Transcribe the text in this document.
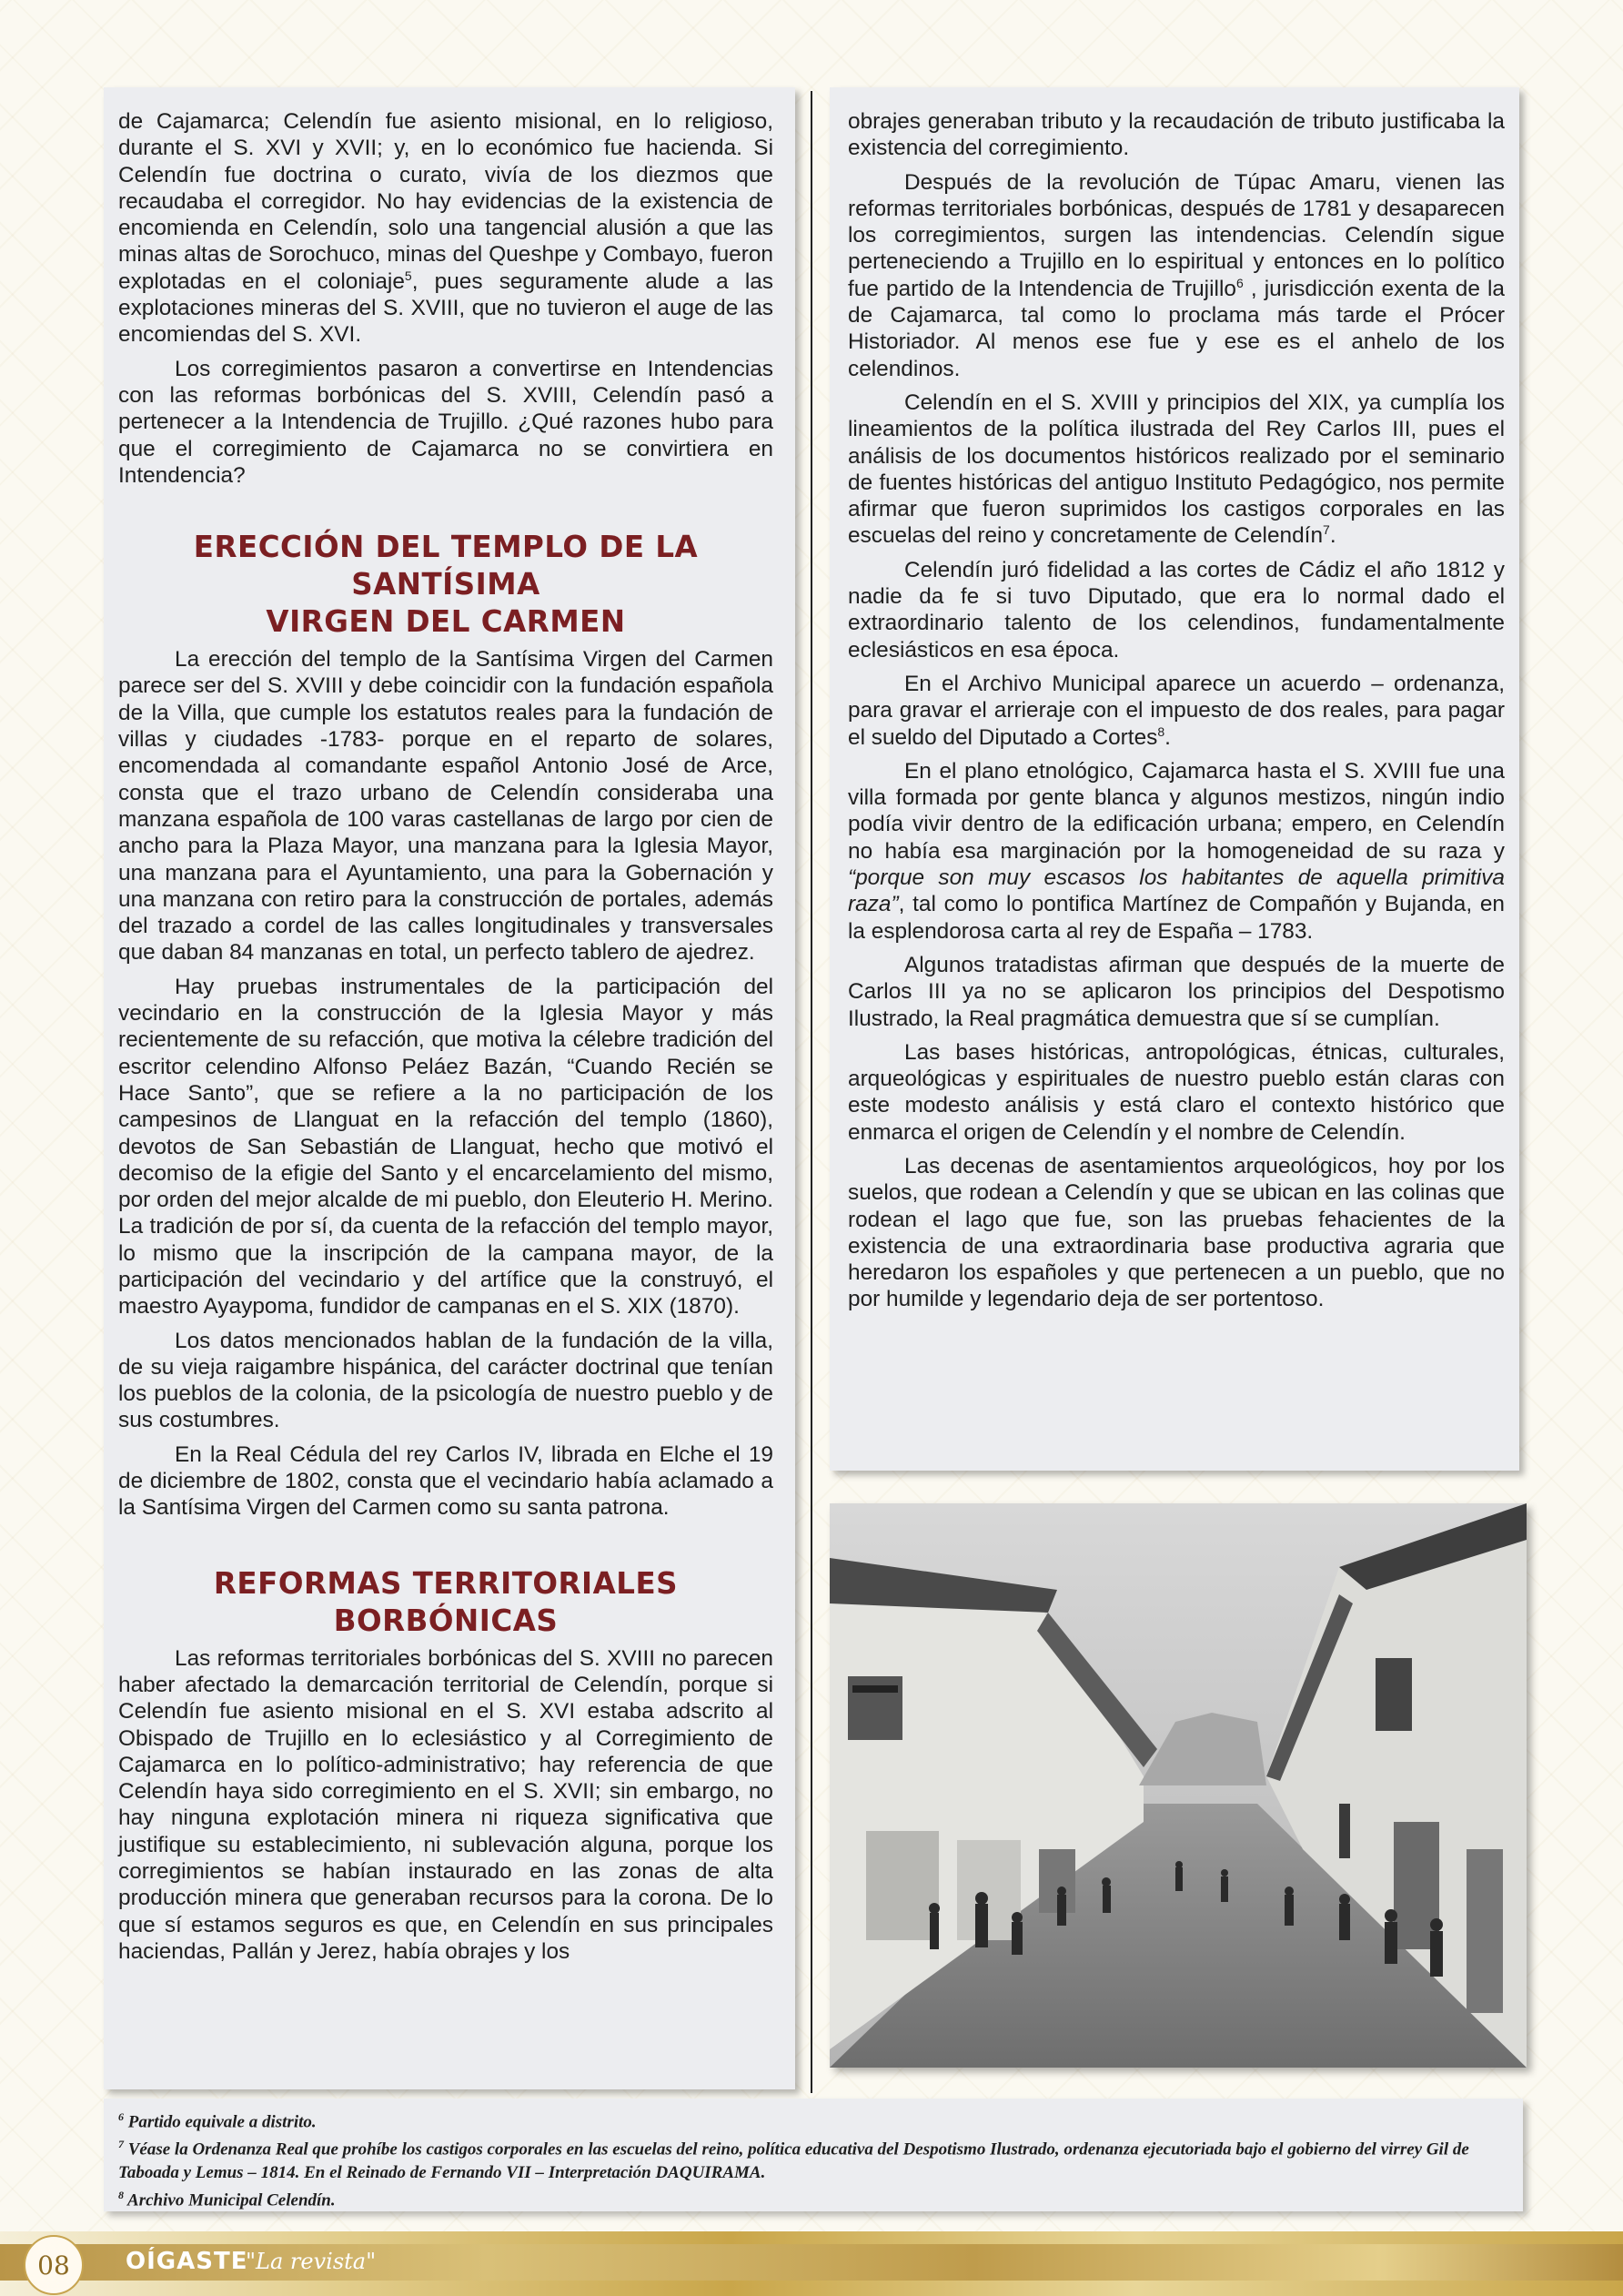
de Cajamarca; Celendín fue asiento misional, en lo religioso, durante el S. XVI y XVII; y, en lo económico fue hacienda. Si Celendín fue doctrina o curato, vivía de los diezmos que recaudaba el corregidor. No hay evidencias de la existencia de encomienda en Celendín, solo una tangencial alusión a que las minas altas de Sorochuco, minas del Queshpe y Combayo, fueron explotadas en el coloniaje$^5$, pues seguramente alude a las explotaciones mineras del S. XVIII, que no tuvieron el auge de las encomiendas del S. XVI.

Los corregimientos pasaron a convertirse en Intendencias con las reformas borbónicas del S. XVIII, Celendín pasó a pertenecer a la Intendencia de Trujillo. ¿Qué razones hubo para que el corregimiento de Cajamarca no se convirtiera en Intendencia?

ERECCIÓN DEL TEMPLO DE LA SANTÍSIMA
VIRGEN DEL CARMEN

La erección del templo de la Santísima Virgen del Carmen parece ser del S. XVIII y debe coincidir con la fundación española de la Villa, que cumple los estatutos reales para la fundación de villas y ciudades -1783- porque en el reparto de solares, encomendada al comandante español Antonio José de Arce, consta que el trazo urbano de Celendín consideraba una manzana española de 100 varas castellanas de largo por cien de ancho para la Plaza Mayor, una manzana para la Iglesia Mayor, una manzana para el Ayuntamiento, una para la Gobernación y una manzana con retiro para la construcción de portales, además del trazado a cordel de las calles longitudinales y transversales que daban 84 manzanas en total, un perfecto tablero de ajedrez.

Hay pruebas instrumentales de la participación del vecindario en la construcción de la Iglesia Mayor y más recientemente de su refacción, que motiva la célebre tradición del escritor celendino Alfonso Peláez Bazán, “Cuando Recién se Hace Santo”, que se refiere a la no participación de los campesinos de Llanguat en la refacción del templo (1860), devotos de San Sebastián de Llanguat, hecho que motivó el decomiso de la efigie del Santo y el encarcelamiento del mismo, por orden del mejor alcalde de mi pueblo, don Eleuterio H. Merino. La tradición de por sí, da cuenta de la refacción del templo mayor, lo mismo que la inscripción de la campana mayor, de la participación del vecindario y del artífice que la construyó, el maestro Ayaypoma, fundidor de campanas en el S. XIX (1870).

Los datos mencionados hablan de la fundación de la villa, de su vieja raigambre hispánica, del carácter doctrinal que tenían los pueblos de la colonia, de la psicología de nuestro pueblo y de sus costumbres.

En la Real Cédula del rey Carlos IV, librada en Elche el 19 de diciembre de 1802, consta que el vecindario había aclamado a la Santísima Virgen del Carmen como su santa patrona.

REFORMAS TERRITORIALES BORBÓNICAS

Las reformas territoriales borbónicas del S. XVIII no parecen haber afectado la demarcación territorial de Celendín, porque si Celendín fue asiento misional en el S. XVI estaba adscrito al Obispado de Trujillo en lo eclesiástico y al Corregimiento de Cajamarca en lo político-administrativo; hay referencia de que Celendín haya sido corregimiento en el S. XVII; sin embargo, no hay ninguna explotación minera ni riqueza significativa que justifique su establecimiento, ni sublevación alguna, porque los corregimientos se habían instaurado en las zonas de alta producción minera que generaban recursos para la corona. De lo que sí estamos seguros es que, en Celendín en sus principales haciendas, Pallán y Jerez, había obrajes y los

obrajes generaban tributo y la recaudación de tributo justificaba la existencia del corregimiento.

Después de la revolución de Túpac Amaru, vienen las reformas territoriales borbónicas, después de 1781 y desaparecen los corregimientos, surgen las intendencias. Celendín sigue perteneciendo a Trujillo en lo espiritual y entonces en lo político fue partido de la Intendencia de Trujillo$^6$ , jurisdicción exenta de la de Cajamarca, tal como lo proclama más tarde el Prócer Historiador. Al menos ese fue y ese es el anhelo de los celendinos.

Celendín en el S. XVIII y principios del XIX, ya cumplía los lineamientos de la política ilustrada del Rey Carlos III, pues el análisis de los documentos históricos realizado por el seminario de fuentes históricas del antiguo Instituto Pedagógico, nos permite afirmar que fueron suprimidos los castigos corporales en las escuelas del reino y concretamente de Celendín$^7$.

Celendín juró fidelidad a las cortes de Cádiz el año 1812 y nadie da fe si tuvo Diputado, que era lo normal dado el extraordinario talento de los celendinos, fundamentalmente eclesiásticos en esa época.

En el Archivo Municipal aparece un acuerdo – ordenanza, para gravar el arrieraje con el impuesto de dos reales, para pagar el sueldo del Diputado a Cortes$^8$.

En el plano etnológico, Cajamarca hasta el S. XVIII fue una villa formada por gente blanca y algunos mestizos, ningún indio podía vivir dentro de la edificación urbana; empero, en Celendín no había esa marginación por la homogeneidad de su raza y “porque son muy escasos los habitantes de aquella primitiva raza”, tal como lo pontifica Martínez de Compañón y Bujanda, en la esplendorosa carta al rey de España – 1783.

Algunos tratadistas afirman que después de la muerte de Carlos III ya no se aplicaron los principios del Despotismo Ilustrado, la Real pragmática demuestra que sí se cumplían.

Las bases históricas, antropológicas, étnicas, culturales, arqueológicas y espirituales de nuestro pueblo están claras con este modesto análisis y está claro el contexto histórico que enmarca el origen de Celendín y el nombre de Celendín.

Las decenas de asentamientos arqueológicos, hoy por los suelos, que rodean a Celendín y que se ubican en las colinas que rodean el lago que fue, son las pruebas fehacientes de la existencia de una extraordinaria base productiva agraria que heredaron los españoles y que pertenecen a un pueblo, que no por humilde y legendario deja de ser portentoso.

$^6$ Partido equivale a distrito.
$^7$ Véase la Ordenanza Real que prohíbe los castigos corporales en las escuelas del reino, política educativa del Despotismo Ilustrado, ordenanza ejecutoriada bajo el gobierno del virrey Gil de Taboada y Lemus – 1814. En el Reinado de Fernando VII – Interpretación DAQUIRAMA.
$^8$ Archivo Municipal Celendín.
08	OÍGASTE
"La revista"
